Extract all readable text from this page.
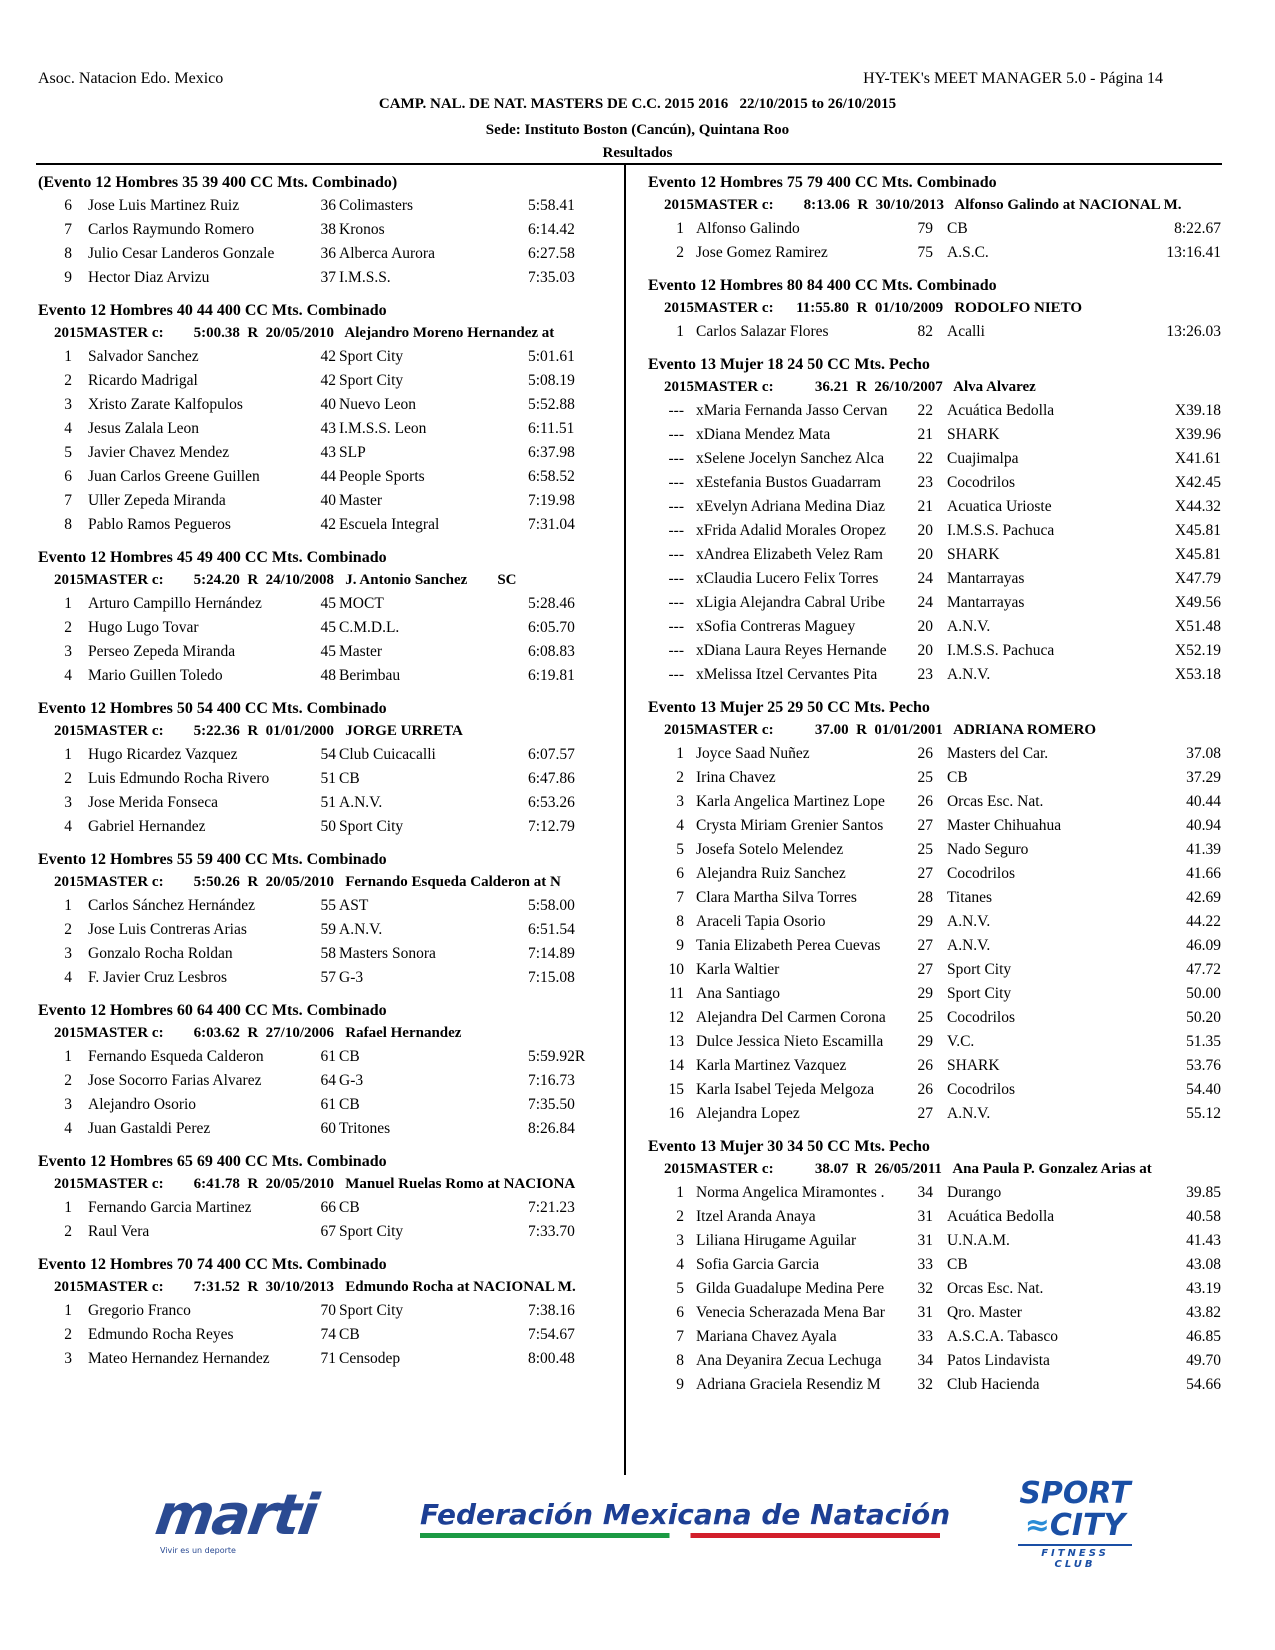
Asoc. Natacion Edo. Mexico	HY-TEK's MEET MANAGER 5.0 - Página 14
CAMP. NAL. DE NAT. MASTERS DE C.C. 2015 2016   22/10/2015 to 26/10/2015
Sede: Instituto Boston (Cancún), Quintana Roo
Resultados
(Evento 12 Hombres 35 39 400 CC Mts. Combinado)
6 Jose Luis Martinez Ruiz	36 Colimasters	5:58.41
7 Carlos Raymundo Romero	38 Kronos	6:14.42
8 Julio Cesar Landeros Gonzale	36 Alberca Aurora	6:27.58
9 Hector Diaz Arvizu	37 I.M.S.S.	7:35.03
Evento 12 Hombres 40 44 400 CC Mts. Combinado
2015MASTER c:        5:00.38  R  20/05/2010   Alejandro Moreno Hernandez at
1 Salvador Sanchez	42 Sport City	5:01.61
2 Ricardo Madrigal	42 Sport City	5:08.19
3 Xristo Zarate Kalfopulos	40 Nuevo Leon	5:52.88
4 Jesus Zalala Leon	43 I.M.S.S. Leon	6:11.51
5 Javier Chavez Mendez	43 SLP	6:37.98
6 Juan Carlos Greene Guillen	44 People Sports	6:58.52
7 Uller Zepeda Miranda	40 Master	7:19.98
8 Pablo Ramos Pegueros	42 Escuela Integral	7:31.04
Evento 12 Hombres 45 49 400 CC Mts. Combinado
2015MASTER c:        5:24.20  R  24/10/2008   J. Antonio Sanchez        SC
1 Arturo Campillo Hernández	45 MOCT	5:28.46
2 Hugo Lugo Tovar	45 C.M.D.L.	6:05.70
3 Perseo Zepeda Miranda	45 Master	6:08.83
4 Mario Guillen Toledo	48 Berimbau	6:19.81
Evento 12 Hombres 50 54 400 CC Mts. Combinado
2015MASTER c:        5:22.36  R  01/01/2000   JORGE URRETA
1 Hugo Ricardez Vazquez	54 Club Cuicacalli	6:07.57
2 Luis Edmundo Rocha Rivero	51 CB	6:47.86
3 Jose Merida Fonseca	51 A.N.V.	6:53.26
4 Gabriel Hernandez	50 Sport City	7:12.79
Evento 12 Hombres 55 59 400 CC Mts. Combinado
2015MASTER c:        5:50.26  R  20/05/2010   Fernando Esqueda Calderon at N
1 Carlos Sánchez Hernández	55 AST	5:58.00
2 Jose Luis Contreras Arias	59 A.N.V.	6:51.54
3 Gonzalo Rocha Roldan	58 Masters Sonora	7:14.89
4 F. Javier Cruz Lesbros	57 G-3	7:15.08
Evento 12 Hombres 60 64 400 CC Mts. Combinado
2015MASTER c:        6:03.62  R  27/10/2006   Rafael Hernandez
1 Fernando Esqueda Calderon	61 CB	5:59.92R
2 Jose Socorro Farias Alvarez	64 G-3	7:16.73
3 Alejandro Osorio	61 CB	7:35.50
4 Juan Gastaldi Perez	60 Tritones	8:26.84
Evento 12 Hombres 65 69 400 CC Mts. Combinado
2015MASTER c:        6:41.78  R  20/05/2010   Manuel Ruelas Romo at NACIONA
1 Fernando Garcia Martinez	66 CB	7:21.23
2 Raul Vera	67 Sport City	7:33.70
Evento 12 Hombres 70 74 400 CC Mts. Combinado
2015MASTER c:        7:31.52  R  30/10/2013   Edmundo Rocha at NACIONAL M.
1 Gregorio Franco	70 Sport City	7:38.16
2 Edmundo Rocha Reyes	74 CB	7:54.67
3 Mateo Hernandez Hernandez	71 Censodep	8:00.48
Evento 12 Hombres 75 79 400 CC Mts. Combinado
2015MASTER c:        8:13.06  R  30/10/2013   Alfonso Galindo at NACIONAL M.
1 Alfonso Galindo	79 CB	8:22.67
2 Jose Gomez Ramirez	75 A.S.C.	13:16.41
Evento 12 Hombres 80 84 400 CC Mts. Combinado
2015MASTER c:      11:55.80  R  01/10/2009   RODOLFO NIETO
1 Carlos Salazar Flores	82 Acalli	13:26.03
Evento 13 Mujer 18 24 50 CC Mts. Pecho
2015MASTER c:           36.21  R  26/10/2007   Alva Alvarez
--- xMaria Fernanda Jasso Cervan	22 Acuática Bedolla	X39.18
--- xDiana Mendez Mata	21 SHARK	X39.96
--- xSelene Jocelyn Sanchez Alca	22 Cuajimalpa	X41.61
--- xEstefania Bustos Guadarram	23 Cocodrilos	X42.45
--- xEvelyn Adriana Medina Diaz	21 Acuatica Urioste	X44.32
--- xFrida Adalid Morales Oropez	20 I.M.S.S. Pachuca	X45.81
--- xAndrea Elizabeth Velez Ram	20 SHARK	X45.81
--- xClaudia Lucero Felix Torres	24 Mantarrayas	X47.79
--- xLigia Alejandra Cabral Uribe	24 Mantarrayas	X49.56
--- xSofia Contreras Maguey	20 A.N.V.	X51.48
--- xDiana Laura Reyes Hernande	20 I.M.S.S. Pachuca	X52.19
--- xMelissa Itzel Cervantes Pita	23 A.N.V.	X53.18
Evento 13 Mujer 25 29 50 CC Mts. Pecho
2015MASTER c:           37.00  R  01/01/2001   ADRIANA ROMERO
1 Joyce Saad Nuñez	26 Masters del Car.	37.08
2 Irina Chavez	25 CB	37.29
3 Karla Angelica Martinez Lope	26 Orcas Esc. Nat.	40.44
4 Crysta Miriam Grenier Santos	27 Master Chihuahua	40.94
5 Josefa Sotelo Melendez	25 Nado Seguro	41.39
6 Alejandra Ruiz Sanchez	27 Cocodrilos	41.66
7 Clara Martha Silva Torres	28 Titanes	42.69
8 Araceli Tapia Osorio	29 A.N.V.	44.22
9 Tania Elizabeth Perea Cuevas	27 A.N.V.	46.09
10 Karla Waltier	27 Sport City	47.72
11 Ana Santiago	29 Sport City	50.00
12 Alejandra Del Carmen Corona	25 Cocodrilos	50.20
13 Dulce Jessica Nieto Escamilla	29 V.C.	51.35
14 Karla Martinez Vazquez	26 SHARK	53.76
15 Karla Isabel Tejeda Melgoza	26 Cocodrilos	54.40
16 Alejandra Lopez	27 A.N.V.	55.12
Evento 13 Mujer 30 34 50 CC Mts. Pecho
2015MASTER c:           38.07  R  26/05/2011   Ana Paula P. Gonzalez Arias at
1 Norma Angelica Miramontes .	34 Durango	39.85
2 Itzel Aranda Anaya	31 Acuática Bedolla	40.58
3 Liliana Hirugame Aguilar	31 U.N.A.M.	41.43
4 Sofia Garcia Garcia	33 CB	43.08
5 Gilda Guadalupe Medina Pere	32 Orcas Esc. Nat.	43.19
6 Venecia Scherazada Mena Bar	31 Qro. Master	43.82
7 Mariana Chavez Ayala	33 A.S.C.A. Tabasco	46.85
8 Ana Deyanira Zecua Lechuga	34 Patos Lindavista	49.70
9 Adriana Graciela Resendiz M	32 Club Hacienda	54.66
marti
Vivir es un deporte
Federación Mexicana de Natación
SPORT
≈CITY
FITNESS CLUB
